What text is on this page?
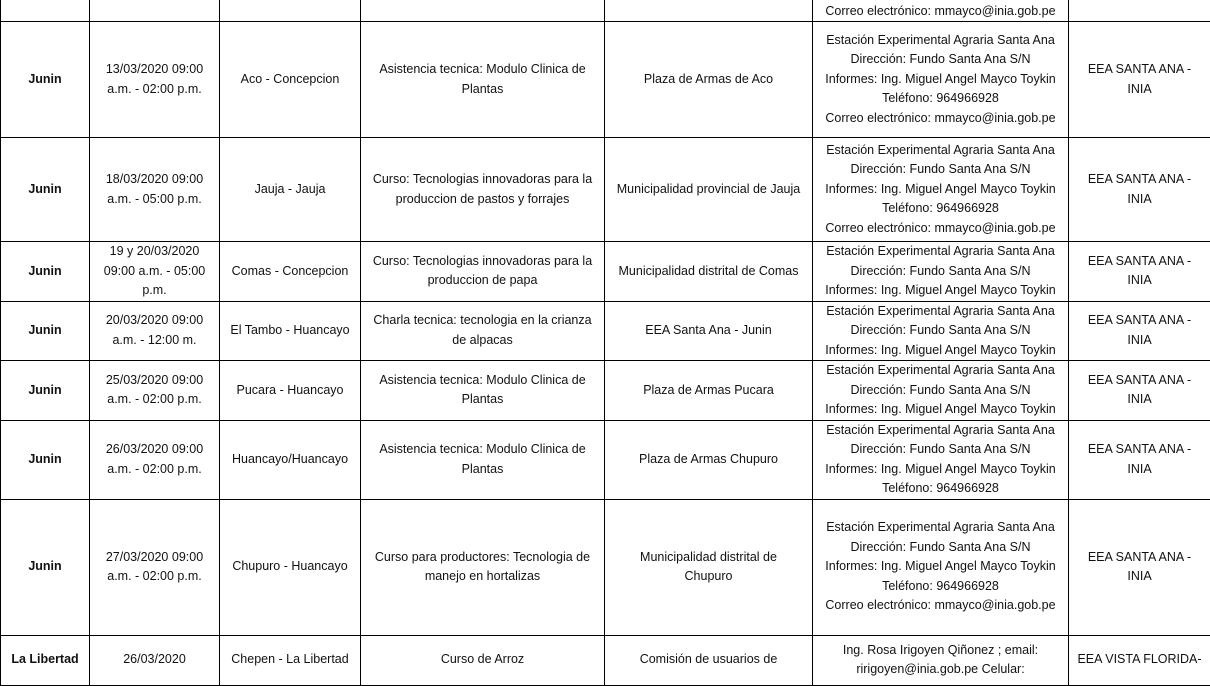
					Correo electrónico: mmayco@inia.gob.pe	

Junin	13/03/2020 09:00
a.m. - 02:00 p.m.	Aco - Concepcion	Asistencia tecnica: Modulo Clinica de
Plantas	Plaza de Armas de Aco	Estación Experimental Agraria Santa Ana
Dirección: Fundo Santa Ana S/N
Informes: Ing. Miguel Angel Mayco Toykin
Teléfono: 964966928
Correo electrónico: mmayco@inia.gob.pe	EEA SANTA ANA -
INIA

Junin	18/03/2020 09:00
a.m. - 05:00 p.m.	Jauja - Jauja	Curso: Tecnologias innovadoras para la
produccion de pastos y forrajes	Municipalidad provincial de Jauja	Estación Experimental Agraria Santa Ana
Dirección: Fundo Santa Ana S/N
Informes: Ing. Miguel Angel Mayco Toykin
Teléfono: 964966928
Correo electrónico: mmayco@inia.gob.pe	EEA SANTA ANA -
INIA

Junin	19 y 20/03/2020
09:00 a.m. - 05:00
p.m.	Comas - Concepcion	Curso: Tecnologias innovadoras para la
produccion de papa	Municipalidad distrital de Comas	Estación Experimental Agraria Santa Ana
Dirección: Fundo Santa Ana S/N
Informes: Ing. Miguel Angel Mayco Toykin	EEA SANTA ANA -
INIA

Junin	20/03/2020 09:00
a.m. - 12:00 m.	El Tambo - Huancayo	Charla tecnica: tecnologia en la crianza
de alpacas	EEA Santa Ana - Junin	Estación Experimental Agraria Santa Ana
Dirección: Fundo Santa Ana S/N
Informes: Ing. Miguel Angel Mayco Toykin	EEA SANTA ANA -
INIA

Junin	25/03/2020 09:00
a.m. - 02:00 p.m.	Pucara - Huancayo	Asistencia tecnica: Modulo Clinica de
Plantas	Plaza de Armas Pucara	Estación Experimental Agraria Santa Ana
Dirección: Fundo Santa Ana S/N
Informes: Ing. Miguel Angel Mayco Toykin	EEA SANTA ANA -
INIA

Junin	26/03/2020 09:00
a.m. - 02:00 p.m.	Huancayo/Huancayo	Asistencia tecnica: Modulo Clinica de
Plantas	Plaza de Armas Chupuro	Estación Experimental Agraria Santa Ana
Dirección: Fundo Santa Ana S/N
Informes: Ing. Miguel Angel Mayco Toykin
Teléfono: 964966928	EEA SANTA ANA -
INIA

Junin	27/03/2020 09:00
a.m. - 02:00 p.m.	Chupuro - Huancayo	Curso para productores: Tecnologia de
manejo en hortalizas	Municipalidad distrital de
Chupuro	Estación Experimental Agraria Santa Ana
Dirección: Fundo Santa Ana S/N
Informes: Ing. Miguel Angel Mayco Toykin
Teléfono: 964966928
Correo electrónico: mmayco@inia.gob.pe	EEA SANTA ANA -
INIA

La Libertad	26/03/2020	Chepen - La Libertad	Curso de Arroz	Comisión de usuarios de	Ing. Rosa Irigoyen Qiñonez ; email:
ririgoyen@inia.gob.pe Celular:	EEA VISTA FLORIDA-
